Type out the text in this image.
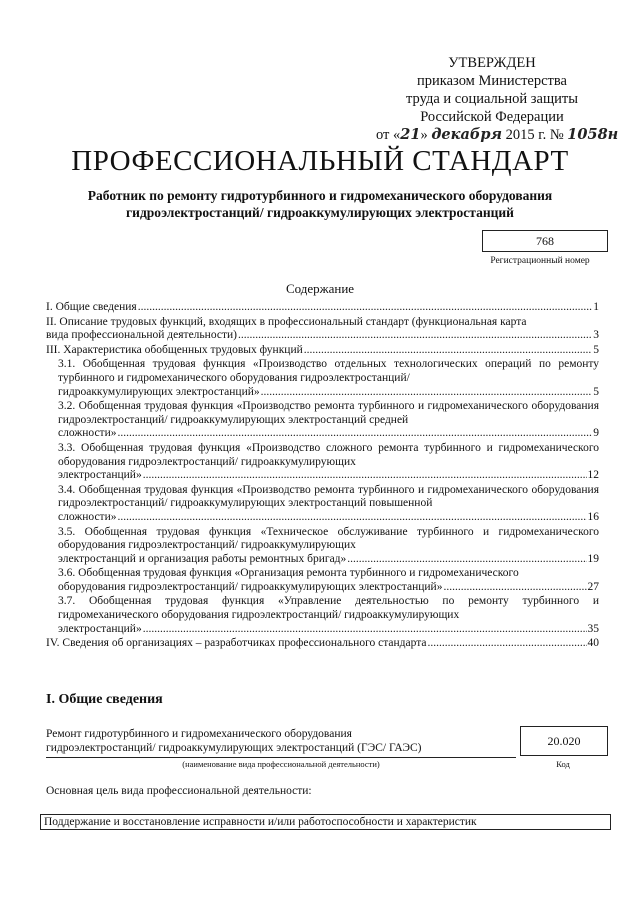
УТВЕРЖДЕН
приказом Министерства
труда и социальной защиты
Российской Федерации
от «21» декабря 2015 г. № 1058н
ПРОФЕССИОНАЛЬНЫЙ СТАНДАРТ
Работник по ремонту гидротурбинного и гидромеханического оборудования
гидроэлектростанций/ гидроаккумулирующих электростанций
768
Регистрационный номер
Содержание
I. Общие сведения .....	1
II. Описание трудовых функций, входящих в профессиональный стандарт (функциональная карта
вида профессиональной деятельности) .....	3
III. Характеристика обобщенных трудовых функций .....	5
3.1. Обобщенная трудовая функция «Производство отдельных технологических операций по ремонту турбинного и гидромеханического оборудования гидроэлектростанций/
гидроаккумулирующих электростанций» .....	5
3.2. Обобщенная трудовая функция «Производство ремонта турбинного и гидромеханического оборудования гидроэлектростанций/ гидроаккумулирующих электростанций средней
сложности» .....	9
3.3. Обобщенная трудовая функция «Производство сложного ремонта турбинного и гидромеханического оборудования гидроэлектростанций/ гидроаккумулирующих
электростанций» .....	12
3.4. Обобщенная трудовая функция «Производство ремонта турбинного и гидромеханического оборудования гидроэлектростанций/ гидроаккумулирующих электростанций повышенной
сложности» .....	16
3.5. Обобщенная трудовая функция «Техническое обслуживание турбинного и гидромеханического оборудования гидроэлектростанций/ гидроаккумулирующих
электростанций и организация работы ремонтных бригад» .....	19
3.6. Обобщенная трудовая функция «Организация ремонта турбинного и гидромеханического
оборудования гидроэлектростанций/ гидроаккумулирующих электростанций» .....	27
3.7. Обобщенная трудовая функция «Управление деятельностью по ремонту турбинного и гидромеханического оборудования гидроэлектростанций/ гидроаккумулирующих
электростанций» .....	35
IV. Сведения об организациях – разработчиках профессионального стандарта .....	40
I. Общие сведения
Ремонт гидротурбинного и гидромеханического оборудования
гидроэлектростанций/ гидроаккумулирующих электростанций (ГЭС/ ГАЭС)
(наименование вида профессиональной деятельности)
20.020
Код
Основная цель вида профессиональной деятельности:
Поддержание и восстановление исправности и/или работоспособности и характеристик
